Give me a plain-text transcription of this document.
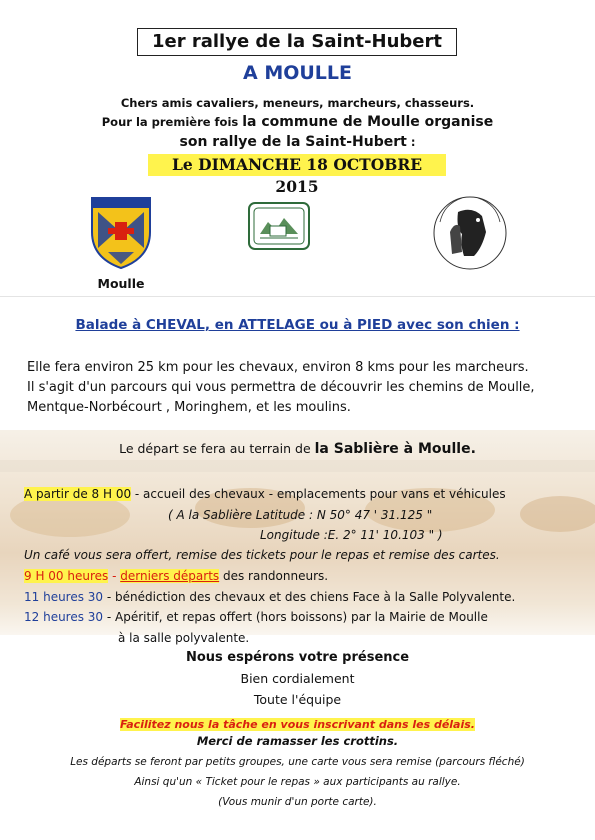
1er rallye de la Saint-Hubert
A MOULLE
Chers amis cavaliers, meneurs, marcheurs, chasseurs.
Pour la première fois la commune de Moulle organise
son rallye de la Saint-Hubert :
Le DIMANCHE 18 OCTOBRE 2015
Moulle
Balade à CHEVAL, en ATTELAGE ou à PIED avec son chien :
Elle fera environ 25 km pour les chevaux, environ 8 kms pour les marcheurs.
Il s'agit d'un parcours qui vous permettra de découvrir les chemins de Moulle,
Mentque-Norbécourt , Moringhem, et les moulins.
Le départ se fera au terrain de la Sablière à Moulle.
A partir de 8 H 00 - accueil des chevaux - emplacements pour vans et véhicules
( A la Sablière Latitude : N 50° 47 ' 31.125 "
Longitude :E. 2° 11' 10.103 " )
Un café vous sera offert, remise des tickets pour le repas et remise des cartes.
9 H 00 heures - derniers départs des randonneurs.
11 heures 30 - bénédiction des chevaux et des chiens Face à la Salle Polyvalente.
12 heures 30 - Apéritif, et repas offert (hors boissons) par la Mairie de Moulle
à la salle polyvalente.
Nous espérons votre présence
Bien cordialement
Toute l'équipe
Facilitez nous la tâche en vous inscrivant dans les délais.
Merci de ramasser les crottins.
Les départs se feront par petits groupes, une carte vous sera remise (parcours fléché)
Ainsi qu'un « Ticket pour le repas » aux participants au rallye.
(Vous munir d'un porte carte).
